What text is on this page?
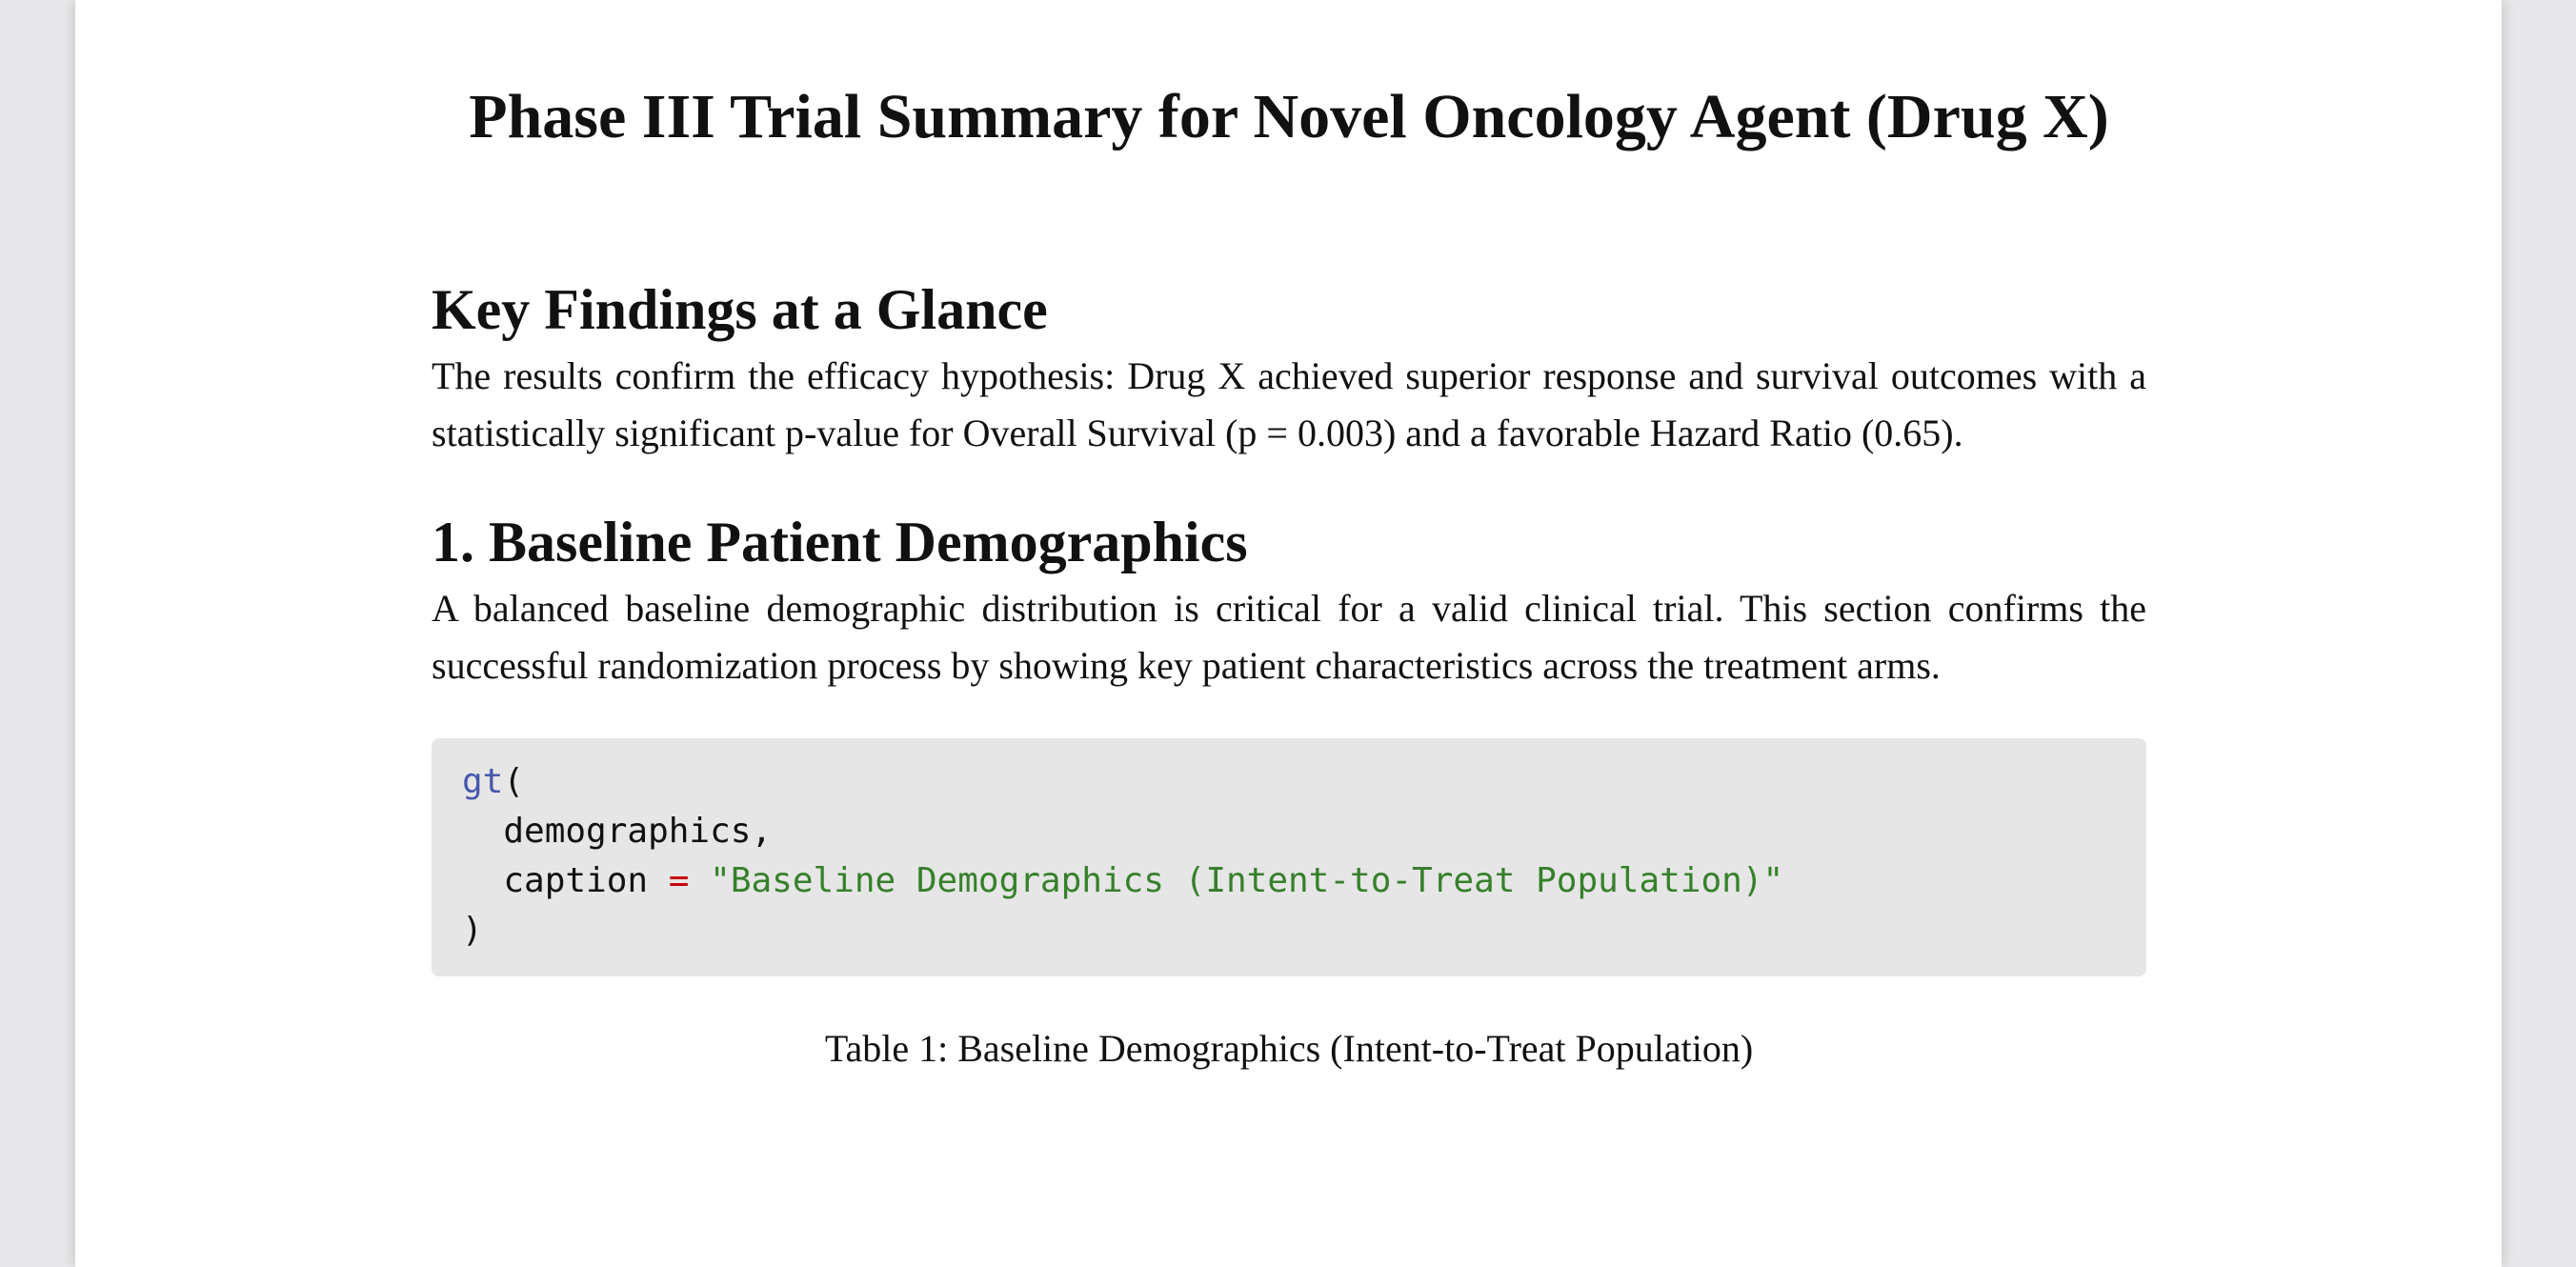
Phase III Trial Summary for Novel Oncology Agent (Drug X)
Key Findings at a Glance

The results confirm the efficacy hypothesis: Drug X achieved superior response and survival outcomes with a statistically significant p-value for Overall Survival (p = 0.003) and a favorable Hazard Ratio (0.65).

1. Baseline Patient Demographics

A balanced baseline demographic distribution is critical for a valid clinical trial. This section confirms the successful randomization process by showing key patient characteristics across the treatment arms.

gt(
demographics,
caption = "Baseline Demographics (Intent-to-Treat Population)"
)
Table 1: Baseline Demographics (Intent-to-Treat Population)
